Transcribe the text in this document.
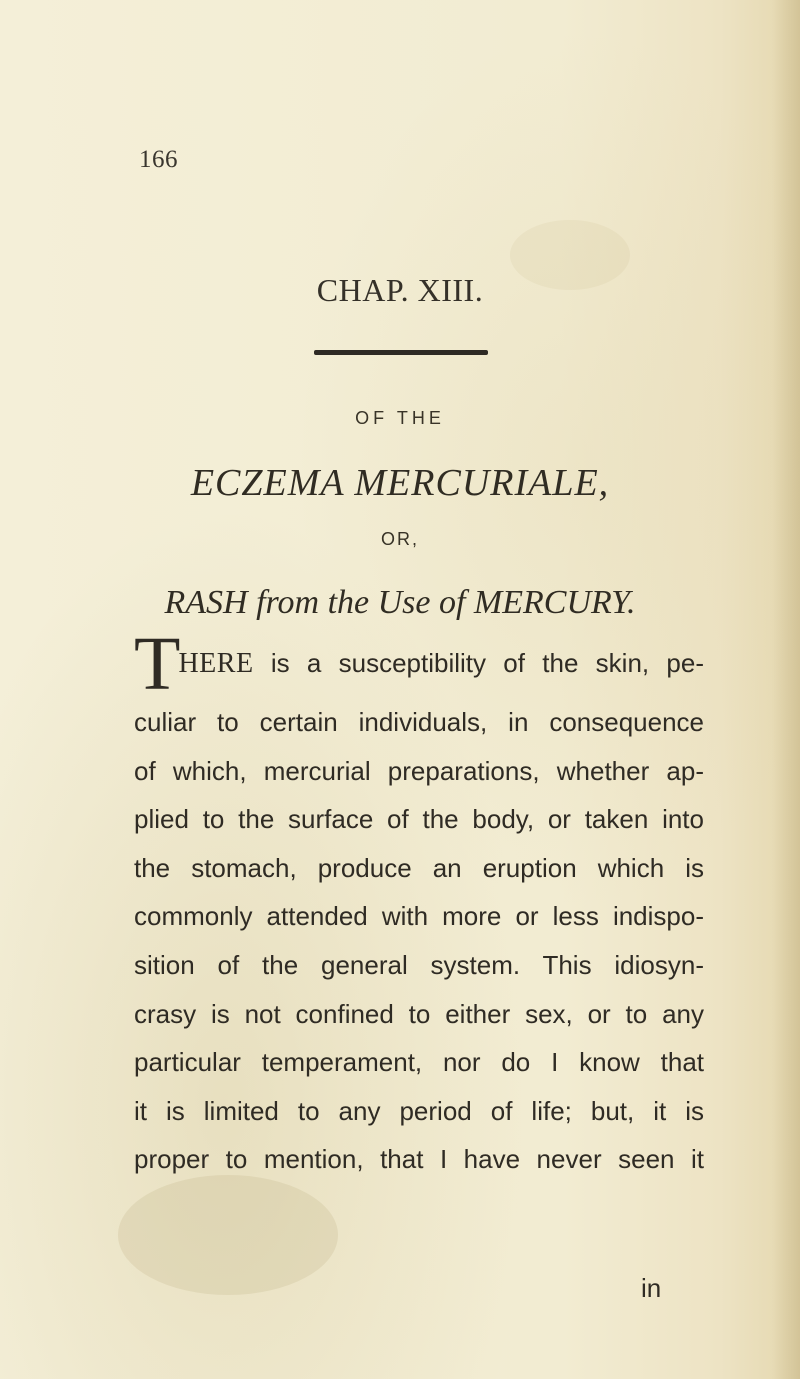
166
CHAP. XIII.
OF THE
ECZEMA MERCURIALE,
OR,
RASH from the Use of MERCURY.
THERE is a susceptibility of the skin, pe-
culiar to certain individuals, in consequence
of which, mercurial preparations, whether ap-
plied to the surface of the body, or taken into
the stomach, produce an eruption which is
commonly attended with more or less indispo-
sition of the general system. This idiosyn-
crasy is not confined to either sex, or to any
particular temperament, nor do I know that
it is limited to any period of life; but, it is
proper to mention, that I have never seen it
in
